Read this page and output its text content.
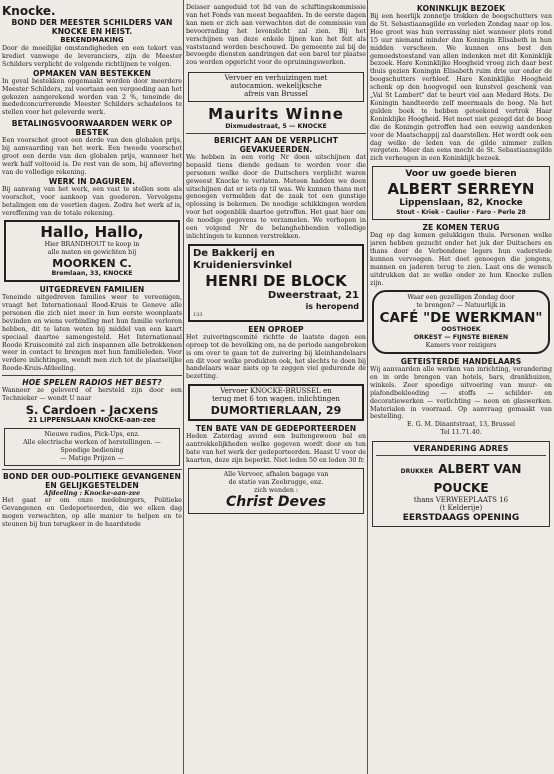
Knocke.

BOND DER MEESTER SCHILDERS VAN KNOCKE EN HEIST.

BEKENDMAKING

Door de moeilijke omstandigheden en een tekort van krediet vanwege de leveranciers, zijn de Meester Schilders verplicht de volgende richtlijnen te volgen.

OPMAKEN VAN BESTEKKEN

In geval bestekken opgemaakt worden door meerdere Meester Schilders, zal voortaan een vergoeding aan het gekozen aangerekend worden van 2 %, teneinde de mededconcurrerende Meester Schilders schadeloos te stellen voor het geleverde werk.

BETALINGSVOORWAARDEN WERK OP BESTEK

Een voorschot groot een derde van den globalen prijs, bij aanvaarding van het werk. Een tweede voorschot groot een derde van den globalen prijs, wanneer het werk half voltooid is. De rest van de som, bij aflevering van de volledige rekening.

WERK IN DAGUREN.

Bij aanvang van het werk, een vast te stellen som als voorschot, voor aankoop van goederen. Vervolgens betalingen om de veertien dagen. Zodra het werk af is, vereffening van de totale rekening.

Hallo, Hallo,

Hier BRANDHOUT te koop in

alle maten en gewichten bij

MOORKEN C.

Bremlaan, 33, KNOCKE

UITGEDREVEN FAMILIEN

Teneinde uitgedreven families weer te vereenigen, vraagt het Internationaal Rood-Kruis te Geneve alle personen die zich niet meer in hun eerste woonplaats bevinden en wiens verbinding met hun familie verloren hebben, dit te laten weten bij middel van een kaart speciaal daartoe samengesteld. Het Internationaal Roode Kruiscomité zal zich inspannen alle betrokkenen weer in contact te brengen met hun familieleden. Voor verdere inlichtingen, wendt men zich tot de plaatselijke Roode-Kruis-Afdeeling.

HOE SPELEN RADIOS HET BEST?

Wanneer ze geleverd of hersteld zijn door een Technieker — wendt U naar

S. Cardoen - Jacxens

21 LIPPENSLAAN KNOCKE-aan-zee

Nieuwe radios, Pick-Ups, enz.

Alle electrische werken of herstellingen. — Spoedige bediening

— Matige Prijzen —

BOND DER OUD-POLITIEKE GEVANGENEN EN GELIJKGESTELDEN

Afdeeling : Knocke-aan-zee

Het gaat er om onze medeburgers, Politieke Gevangenen en Gedeporteerden, die we elken dag mogen verwachten, op alle manier te helpen en te steunen bij hun terugkeer in de haardstede

Deisser aangeduid tot lid van de schiftingskommissie van het Fonds van meest begaafden. In de eerste dagen kan men er zich aan verwachten dat de commissie van bevoorrading het levenslicht zal zien. Bij het verschijnen van deze enkele lijnen kan het feit als vaststaand worden beschouwd. De gemeente zal bij de bevoegde diensten aandringen dat een barel ter plaatse zou worden opgericht voor de opruimingswerken.

Vervoer en verhuizingen met

autocamion. wekelijksche

afreis van Brussel

Maurits Winne

Dixmudestraat, 5 — KNOCKE

BERICHT AAN DE VERPLICHT GEVAKUEERDEN.

We hebben in een vorig Nr doen uitschijnen dat bepaald tiens diende gedaan te worden voor die personen welke door de Duitschers verplicht waren geweest Knocke te verlaten. Meteen hadden we doen uitschijnen dat er iets op til was. We kunnen thans met genoegen vermelden dat de zaak tot een gunstige oplossing is bekomen. De noodige schikkingen worden voor het oogenblik daartoe getroffen. Het gaat hier om de noodige gegevens te verzamelen. We verhopen in een volgend Nr de belanghebbenden volledige inlichtingen te kunnen verstrekken.

De Bakkerij en

Kruideniersvinkel

HENRI DE BLOCK

Dweerstraat, 21

is heropend

133

EEN OPROEP

Het zuiveringscomité richtte de laatste dagen een oproep tot de bevolking om, na de periode aangebroken is om over te gaan tot de zuivering bij kleinhandelaars en dit voor welke produkten ook, het slechts te doen bij handelaars waar niets op te zeggen viel gedurende de bezetting.

Vervoer KNOCKE-BRUSSEL en

terug met 6 ton wagen. inlichtingen

DUMORTIERLAAN, 29

TEN BATE VAN DE GEDEPORTEERDEN

Heden Zaterdag avond een buitengewoon bal en aantrekkelijkheden welke gegeven wordt door en ten bate van het werk der gedeporteerden. Haast U voor de kaarten, deze zijn beperkt. Niet leden 50 en leden 30 fr.

Alle Vervoer, afhalen bagage van

de statie van Zeebrugge, enz.

zich wenden :

Christ Deves

KONINKLIJK BEZOEK

Bij een heerlijk zonnetje trokken de boogschutters van de St. Sebastiaansgilde en verleden Zondag naar op los. Hoe groot was hun verrassing niet wanneer plots rond 15 uur niemand minder dan Koningin Elisabeth in hun midden verscheen. We kunnen ons best den gemoedstoestand van allen indenken met dit Koninklijk bezoek. Hare Koninklijke Hoogheid vroeg zich daar best thuis gezien Koningin Elisabeth ruim drie uur onder de boogschutters verbleef. Hare Koninklijke Hoogheid schonk op den hoogvogel een kunstvol geschenk van „Val St Lambert" dat te beurt viel aan Medard Hots. De Koningin handteerde zelf meermaals de boog. Na het gulden boek te hebben geteekend vertrok Haar Koninklijke Hoogheid. Het moet niet gezegd dat de boog die de Koningin getroffen had een eeuwig aandenken voor de Maatschappij zal daarstellen. Het wordt ook een dag welke de leden van de gilde nimmer zullen vergeten. Meer dan eens mocht de St. Sebastiaansgilde zich verheugen in een Koninklijk bezoek.

Voor uw goede bieren

ALBERT SERREYN

Lippenslaan, 82, Knocke

Stout - Kriek - Caulier - Faro - Perle 28

ZE KOMEN TERUG

Dag op dag komen gelukkigen thuis. Personen welke jaren hebben gezucht onder het juk der Duitschers en thans door de Verbondene legers hun vaderstede kunnen vervoegen. Het doet genoegen die jongens, mannen en jaderen terug te zien. Laat ons de wensch uitdrukken dat ze welke onder ze hun Knocke zullen zijn.

Waar een gezelligen Zondag door

te brengen? — Natuurlijk in

CAFÉ "DE WERKMAN"

OOSTHOEK

ORKEST — FIJNSTE BIEREN

Kamers voor reizigers

GETEISTERDE HANDELAARS

Wij aanvaarden alle werken van inrichting, verandering en in orde brengen van hotels, bars, drankhuizen, winkels. Zeer spoedige uitvoering van muur- en plafondbekleeding — stoffs — schilder- en decoratiewerken — verlichting — neon en glaswerken. Materialen in voorraad. Op aanvraag gemaakt van bestelling.

E. G. M. Dinantstraat, 13, Brussel

Tel 11.71.40.

VERANDERING ADRES

DRUKKER ALBERT VAN POUCKE

thans VERWEEPLAATS 16

(t Kelderije)

EERSTDAAGS OPENING
